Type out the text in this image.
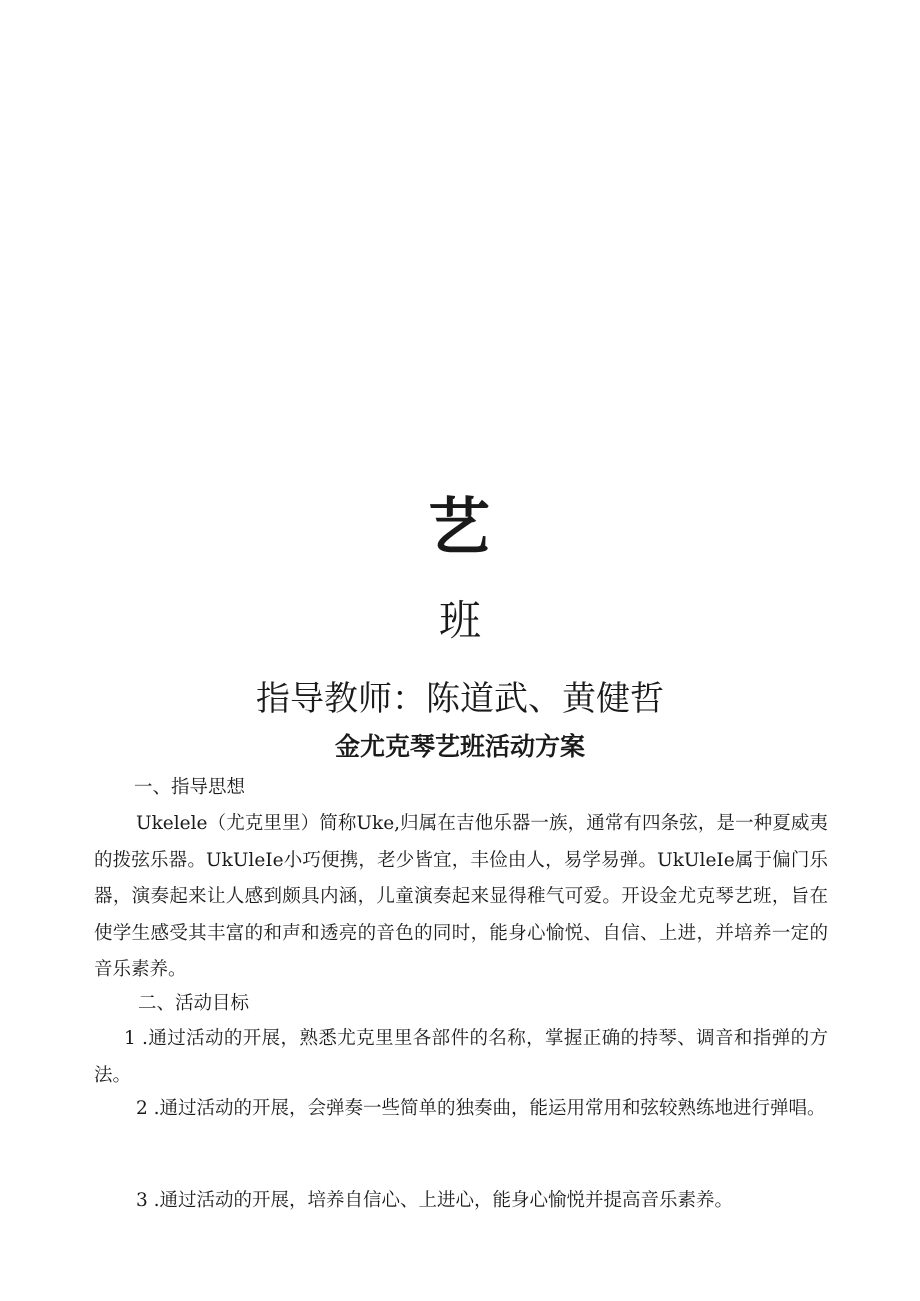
艺
班
指导教师：陈道武、黄健哲
金尤克琴艺班活动方案
一、指导思想
Ukelele（尤克里里）简称Uke,归属在吉他乐器一族，通常有四条弦，是一种夏威夷的拨弦乐器。UkUleIe小巧便携，老少皆宜，丰俭由人，易学易弹。UkUleIe属于偏门乐器，演奏起来让人感到颇具内涵，儿童演奏起来显得稚气可爱。开设金尤克琴艺班，旨在使学生感受其丰富的和声和透亮的音色的同时，能身心愉悦、自信、上进，并培养一定的音乐素养。
二、活动目标
1 .通过活动的开展，熟悉尤克里里各部件的名称，掌握正确的持琴、调音和指弹的方法。
2 .通过活动的开展，会弹奏一些简单的独奏曲，能运用常用和弦较熟练地进行弹唱。
3 .通过活动的开展，培养自信心、上进心，能身心愉悦并提高音乐素养。
